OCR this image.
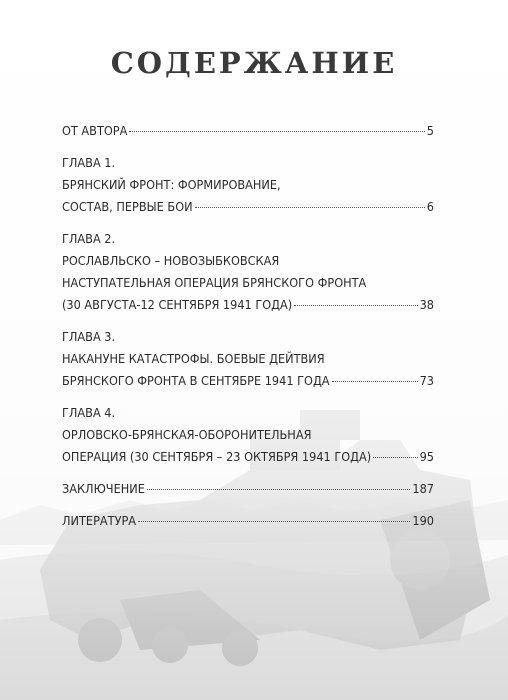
СОДЕРЖАНИЕ
ОТ АВТОРА	5
ГЛАВА 1.
БРЯНСКИЙ ФРОНТ: ФОРМИРОВАНИЕ,
СОСТАВ, ПЕРВЫЕ БОИ	6
ГЛАВА 2.
РОСЛАВЛЬСКО – НОВОЗЫБКОВСКАЯ
НАСТУПАТЕЛЬНАЯ ОПЕРАЦИЯ БРЯНСКОГО ФРОНТА
(30 АВГУСТА-12 СЕНТЯБРЯ 1941 ГОДА)	38
ГЛАВА 3.
НАКАНУНЕ КАТАСТРОФЫ. БОЕВЫЕ ДЕЙТВИЯ
БРЯНСКОГО ФРОНТА В СЕНТЯБРЕ 1941 ГОДА	73
ГЛАВА 4.
ОРЛОВСКО-БРЯНСКАЯ-ОБОРОНИТЕЛЬНАЯ
ОПЕРАЦИЯ (30 СЕНТЯБРЯ – 23 ОКТЯБРЯ 1941 ГОДА)	95
ЗАКЛЮЧЕНИЕ	187
ЛИТЕРАТУРА	190
